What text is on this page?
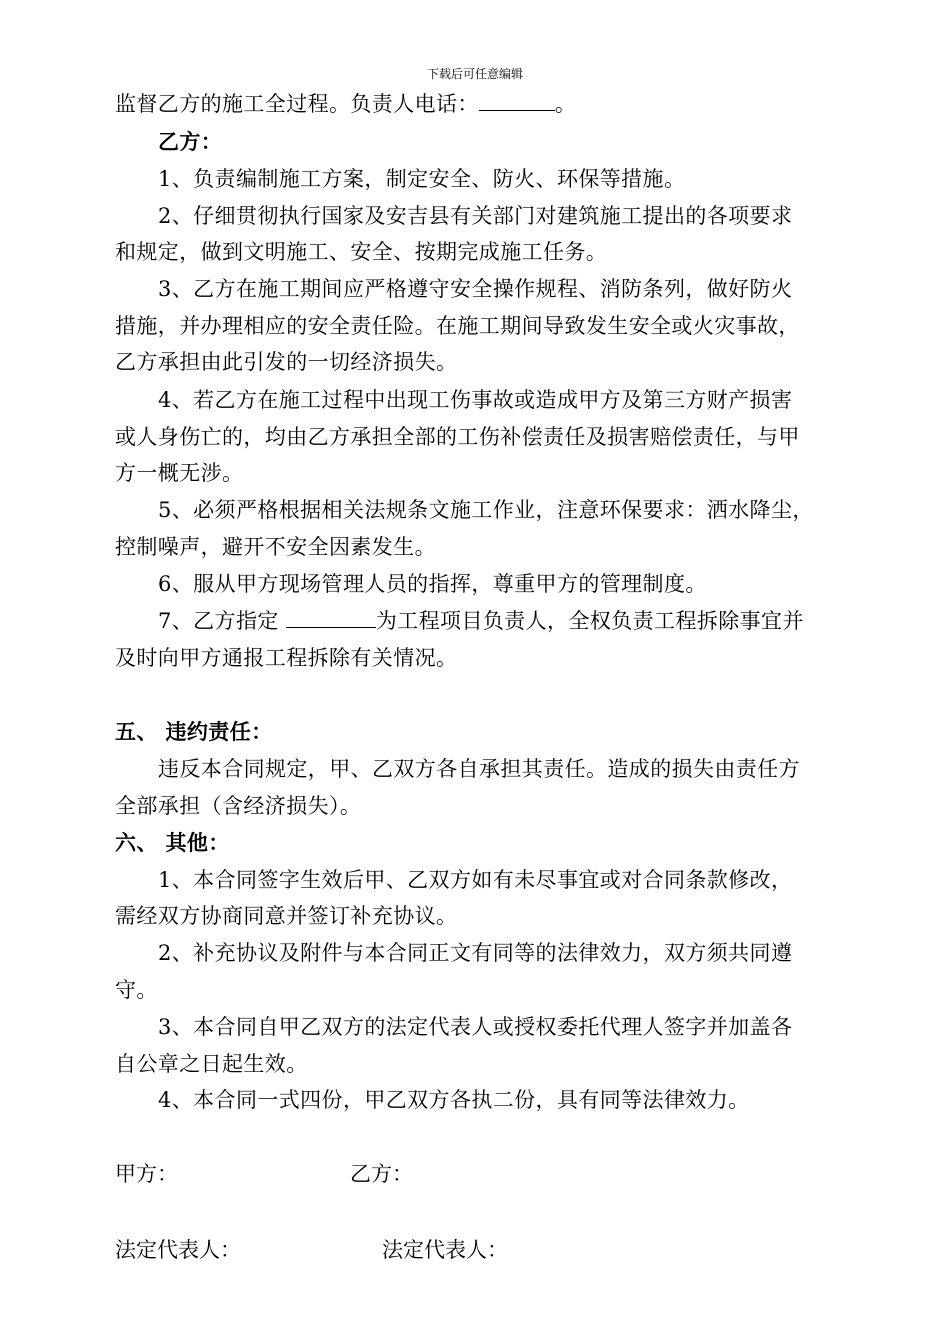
下载后可任意编辑
监督乙方的施工全过程。负责人电话：	。
乙方：
1、负责编制施工方案，制定安全、防火、环保等措施。
2、仔细贯彻执行国家及安吉县有关部门对建筑施工提出的各项要求
和规定，做到文明施工、安全、按期完成施工任务。
3、乙方在施工期间应严格遵守安全操作规程、消防条列，做好防火
措施，并办理相应的安全责任险。在施工期间导致发生安全或火灾事故，
乙方承担由此引发的一切经济损失。
4、若乙方在施工过程中出现工伤事故或造成甲方及第三方财产损害
或人身伤亡的，均由乙方承担全部的工伤补偿责任及损害赔偿责任，与甲
方一概无涉。
5、必须严格根据相关法规条文施工作业，注意环保要求：洒水降尘，
控制噪声，避开不安全因素发生。
6、服从甲方现场管理人员的指挥，尊重甲方的管理制度。
7、乙方指定	为工程项目负责人，全权负责工程拆除事宜并
及时向甲方通报工程拆除有关情况。
五、 违约责任：
违反本合同规定，甲、乙双方各自承担其责任。造成的损失由责任方
全部承担（含经济损失）。
六、 其他：
1、本合同签字生效后甲、乙双方如有未尽事宜或对合同条款修改，
需经双方协商同意并签订补充协议。
2、补充协议及附件与本合同正文有同等的法律效力，双方须共同遵
守。
3、本合同自甲乙双方的法定代表人或授权委托代理人签字并加盖各
自公章之日起生效。
4、本合同一式四份，甲乙双方各执二份，具有同等法律效力。
甲方：	乙方：
法定代表人：	法定代表人：
